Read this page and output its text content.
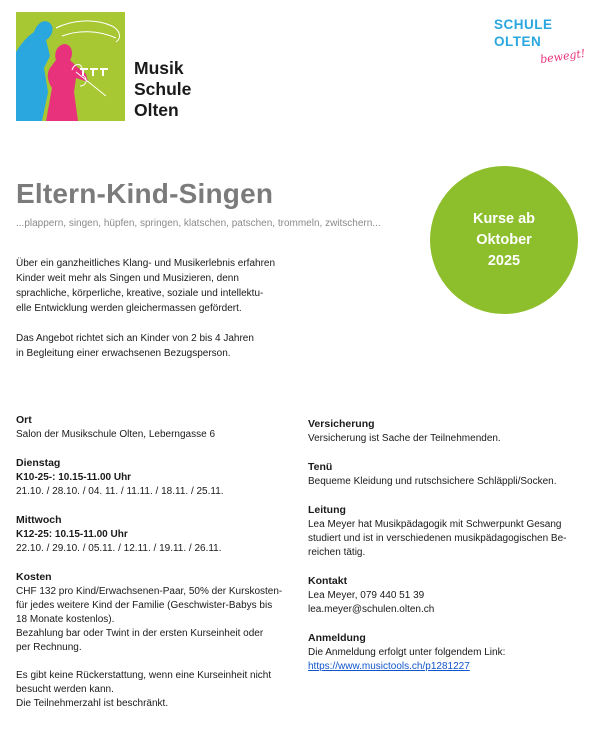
Musik
Schule
Olten
SCHULE
OLTEN
bewegt!
Eltern-Kind-Singen
...plappern, singen, hüpfen, springen, klatschen, patschen, trommeln, zwitschern...	Kurse ab
Oktober
2025

Über ein ganzheitliches Klang- und Musikerlebnis erfahren
Kinder weit mehr als Singen und Musizieren, denn
sprachliche, körperliche, kreative, soziale und intellektu-
elle Entwicklung werden gleichermassen gefördert.

Das Angebot richtet sich an Kinder von 2 bis 4 Jahren
in Begleitung einer erwachsenen Bezugsperson.

Ort
Salon der Musikschule Olten, Leberngasse 6
Dienstag
K10-25-: 10.15-11.00 Uhr
21.10. / 28.10. / 04. 11. / 11.11. / 18.11. / 25.11.
Mittwoch
K12-25: 10.15-11.00 Uhr
22.10. / 29.10. / 05.11. / 12.11. / 19.11. / 26.11.
Kosten
CHF 132 pro Kind/Erwachsenen-Paar, 50% der Kurskosten-
für jedes weitere Kind der Familie (Geschwister-Babys bis
18 Monate kostenlos).
Bezahlung bar oder Twint in der ersten Kurseinheit oder
per Rechnung.
Es gibt keine Rückerstattung, wenn eine Kurseinheit nicht
besucht werden kann.
Die Teilnehmerzahl ist beschränkt.
Versicherung
Versicherung ist Sache der Teilnehmenden.
Tenü
Bequeme Kleidung und rutschsichere Schläppli/Socken.
Leitung
Lea Meyer hat Musikpädagogik mit Schwerpunkt Gesang
studiert und ist in verschiedenen musikpädagogischen Be-
reichen tätig.
Kontakt
Lea Meyer, 079 440 51 39
lea.meyer@schulen.olten.ch
Anmeldung
Die Anmeldung erfolgt unter folgendem Link:
https://www.musictools.ch/p1281227
